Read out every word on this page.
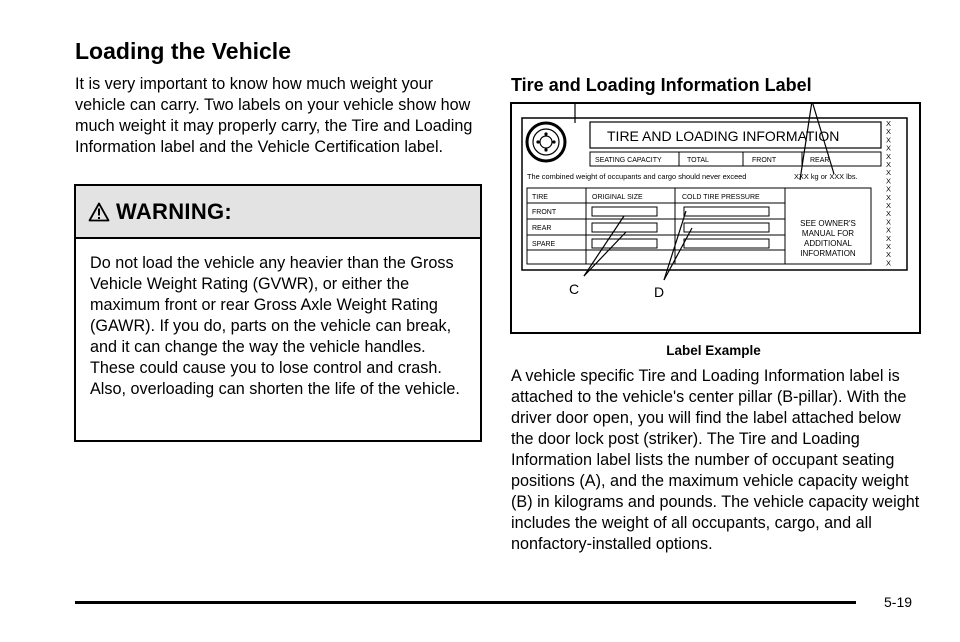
Loading the Vehicle

It is very important to know how much weight your vehicle can carry. Two labels on your vehicle show how much weight it may properly carry, the Tire and Loading Information label and the Vehicle Certification label.

WARNING:

Do not load the vehicle any heavier than the Gross Vehicle Weight Rating (GVWR), or either the maximum front or rear Gross Axle Weight Rating (GAWR). If you do, parts on the vehicle can break, and it can change the way the vehicle handles. These could cause you to lose control and crash. Also, overloading can shorten the life of the vehicle.

Tire and Loading Information Label
TIRE AND LOADING INFORMATION
SEATING CAPACITY	TOTAL	FRONT	REAR
The combined weight of occupants and cargo should never exceed	XXX kg or XXX lbs.
TIRE	ORIGINAL SIZE	COLD TIRE PRESSURE
FRONT
REAR
SPARE
SEE OWNER'S
MANUAL FOR
ADDITIONAL
INFORMATION
X
X
X
X
X
X
X
X
X
X
X
X
X
X
X
X
X
X
C	D
Label Example

A vehicle specific Tire and Loading Information label is attached to the vehicle's center pillar (B-pillar). With the driver door open, you will find the label attached below the door lock post (striker). The Tire and Loading Information label lists the number of occupant seating positions (A), and the maximum vehicle capacity weight (B) in kilograms and pounds. The vehicle capacity weight includes the weight of all occupants, cargo, and all nonfactory-installed options.

5-19
